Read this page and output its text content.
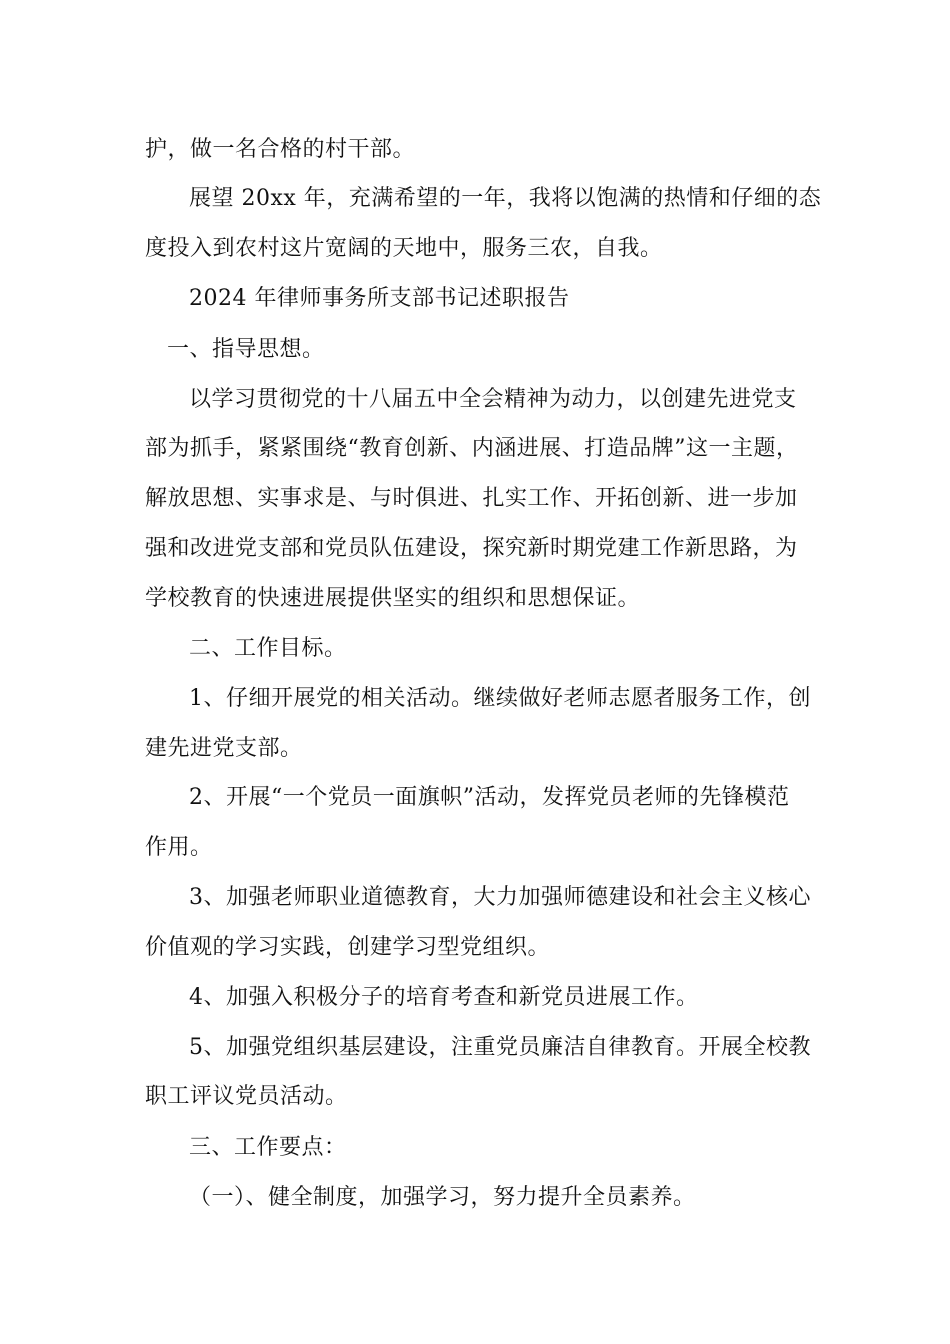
护，做一名合格的村干部。
展望 20xx 年，充满希望的一年，我将以饱满的热情和仔细的态
度投入到农村这片宽阔的天地中，服务三农，自我。
2024 年律师事务所支部书记述职报告
一、指导思想。
以学习贯彻党的十八届五中全会精神为动力，以创建先进党支
部为抓手，紧紧围绕“教育创新、内涵进展、打造品牌”这一主题，
解放思想、实事求是、与时俱进、扎实工作、开拓创新、进一步加
强和改进党支部和党员队伍建设，探究新时期党建工作新思路，为
学校教育的快速进展提供坚实的组织和思想保证。
二、工作目标。
1、仔细开展党的相关活动。继续做好老师志愿者服务工作，创
建先进党支部。
2、开展“一个党员一面旗帜”活动，发挥党员老师的先锋模范
作用。
3、加强老师职业道德教育，大力加强师德建设和社会主义核心
价值观的学习实践，创建学习型党组织。
4、加强入积极分子的培育考查和新党员进展工作。
5、加强党组织基层建设，注重党员廉洁自律教育。开展全校教
职工评议党员活动。
三、工作要点：
（一）、健全制度，加强学习，努力提升全员素养。
